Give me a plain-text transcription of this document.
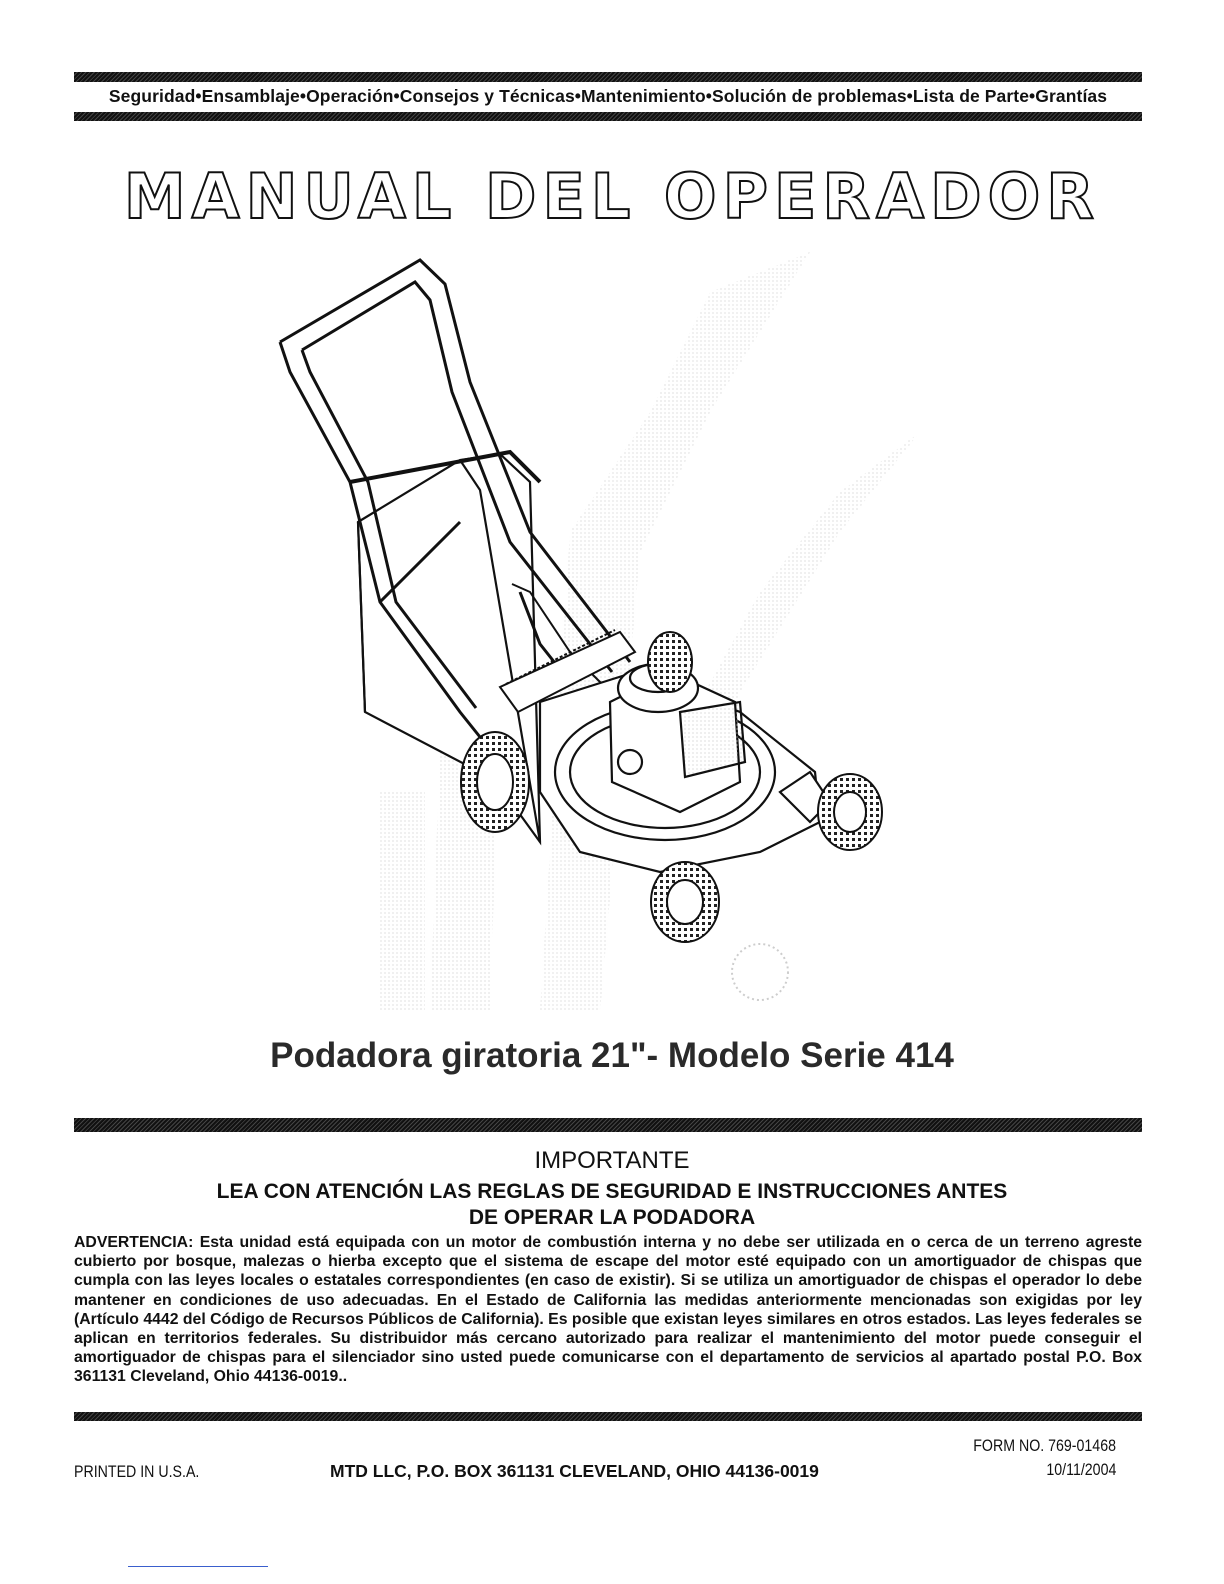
Seguridad•Ensamblaje•Operación•Consejos y Técnicas•Mantenimiento•Solución de problemas•Lista de Parte•Grantías
MANUAL DEL OPERADOR
Podadora giratoria 21"- Modelo Serie 414
IMPORTANTE
LEA CON ATENCIÓN LAS REGLAS DE SEGURIDAD E INSTRUCCIONES ANTES
DE OPERAR LA PODADORA
ADVERTENCIA: Esta unidad está equipada con un motor de combustión interna y no debe ser utilizada en o cerca de un terreno agreste cubierto por bosque, malezas o hierba excepto que el sistema de escape del motor esté equipado con un amortiguador de chispas que cumpla con las leyes locales o estatales correspondientes (en caso de existir). Si se utiliza un amortiguador de chispas el operador lo debe mantener en condiciones de uso adecuadas. En el Estado de California las medidas anteriormente mencionadas son exigidas por ley (Artículo 4442 del Código de Recursos Públicos de California). Es posible que existan leyes similares en otros estados. Las leyes federales se aplican en territorios federales. Su distribuidor más cercano autorizado para realizar el mantenimiento del motor puede conseguir el amortiguador de chispas para el silenciador sino usted puede comunicarse con el departamento de servicios al apartado postal P.O. Box 361131 Cleveland, Ohio 44136-0019..
PRINTED IN U.S.A.	MTD LLC, P.O. BOX 361131 CLEVELAND, OHIO 44136-0019
FORM NO. 769-01468
10/11/2004
